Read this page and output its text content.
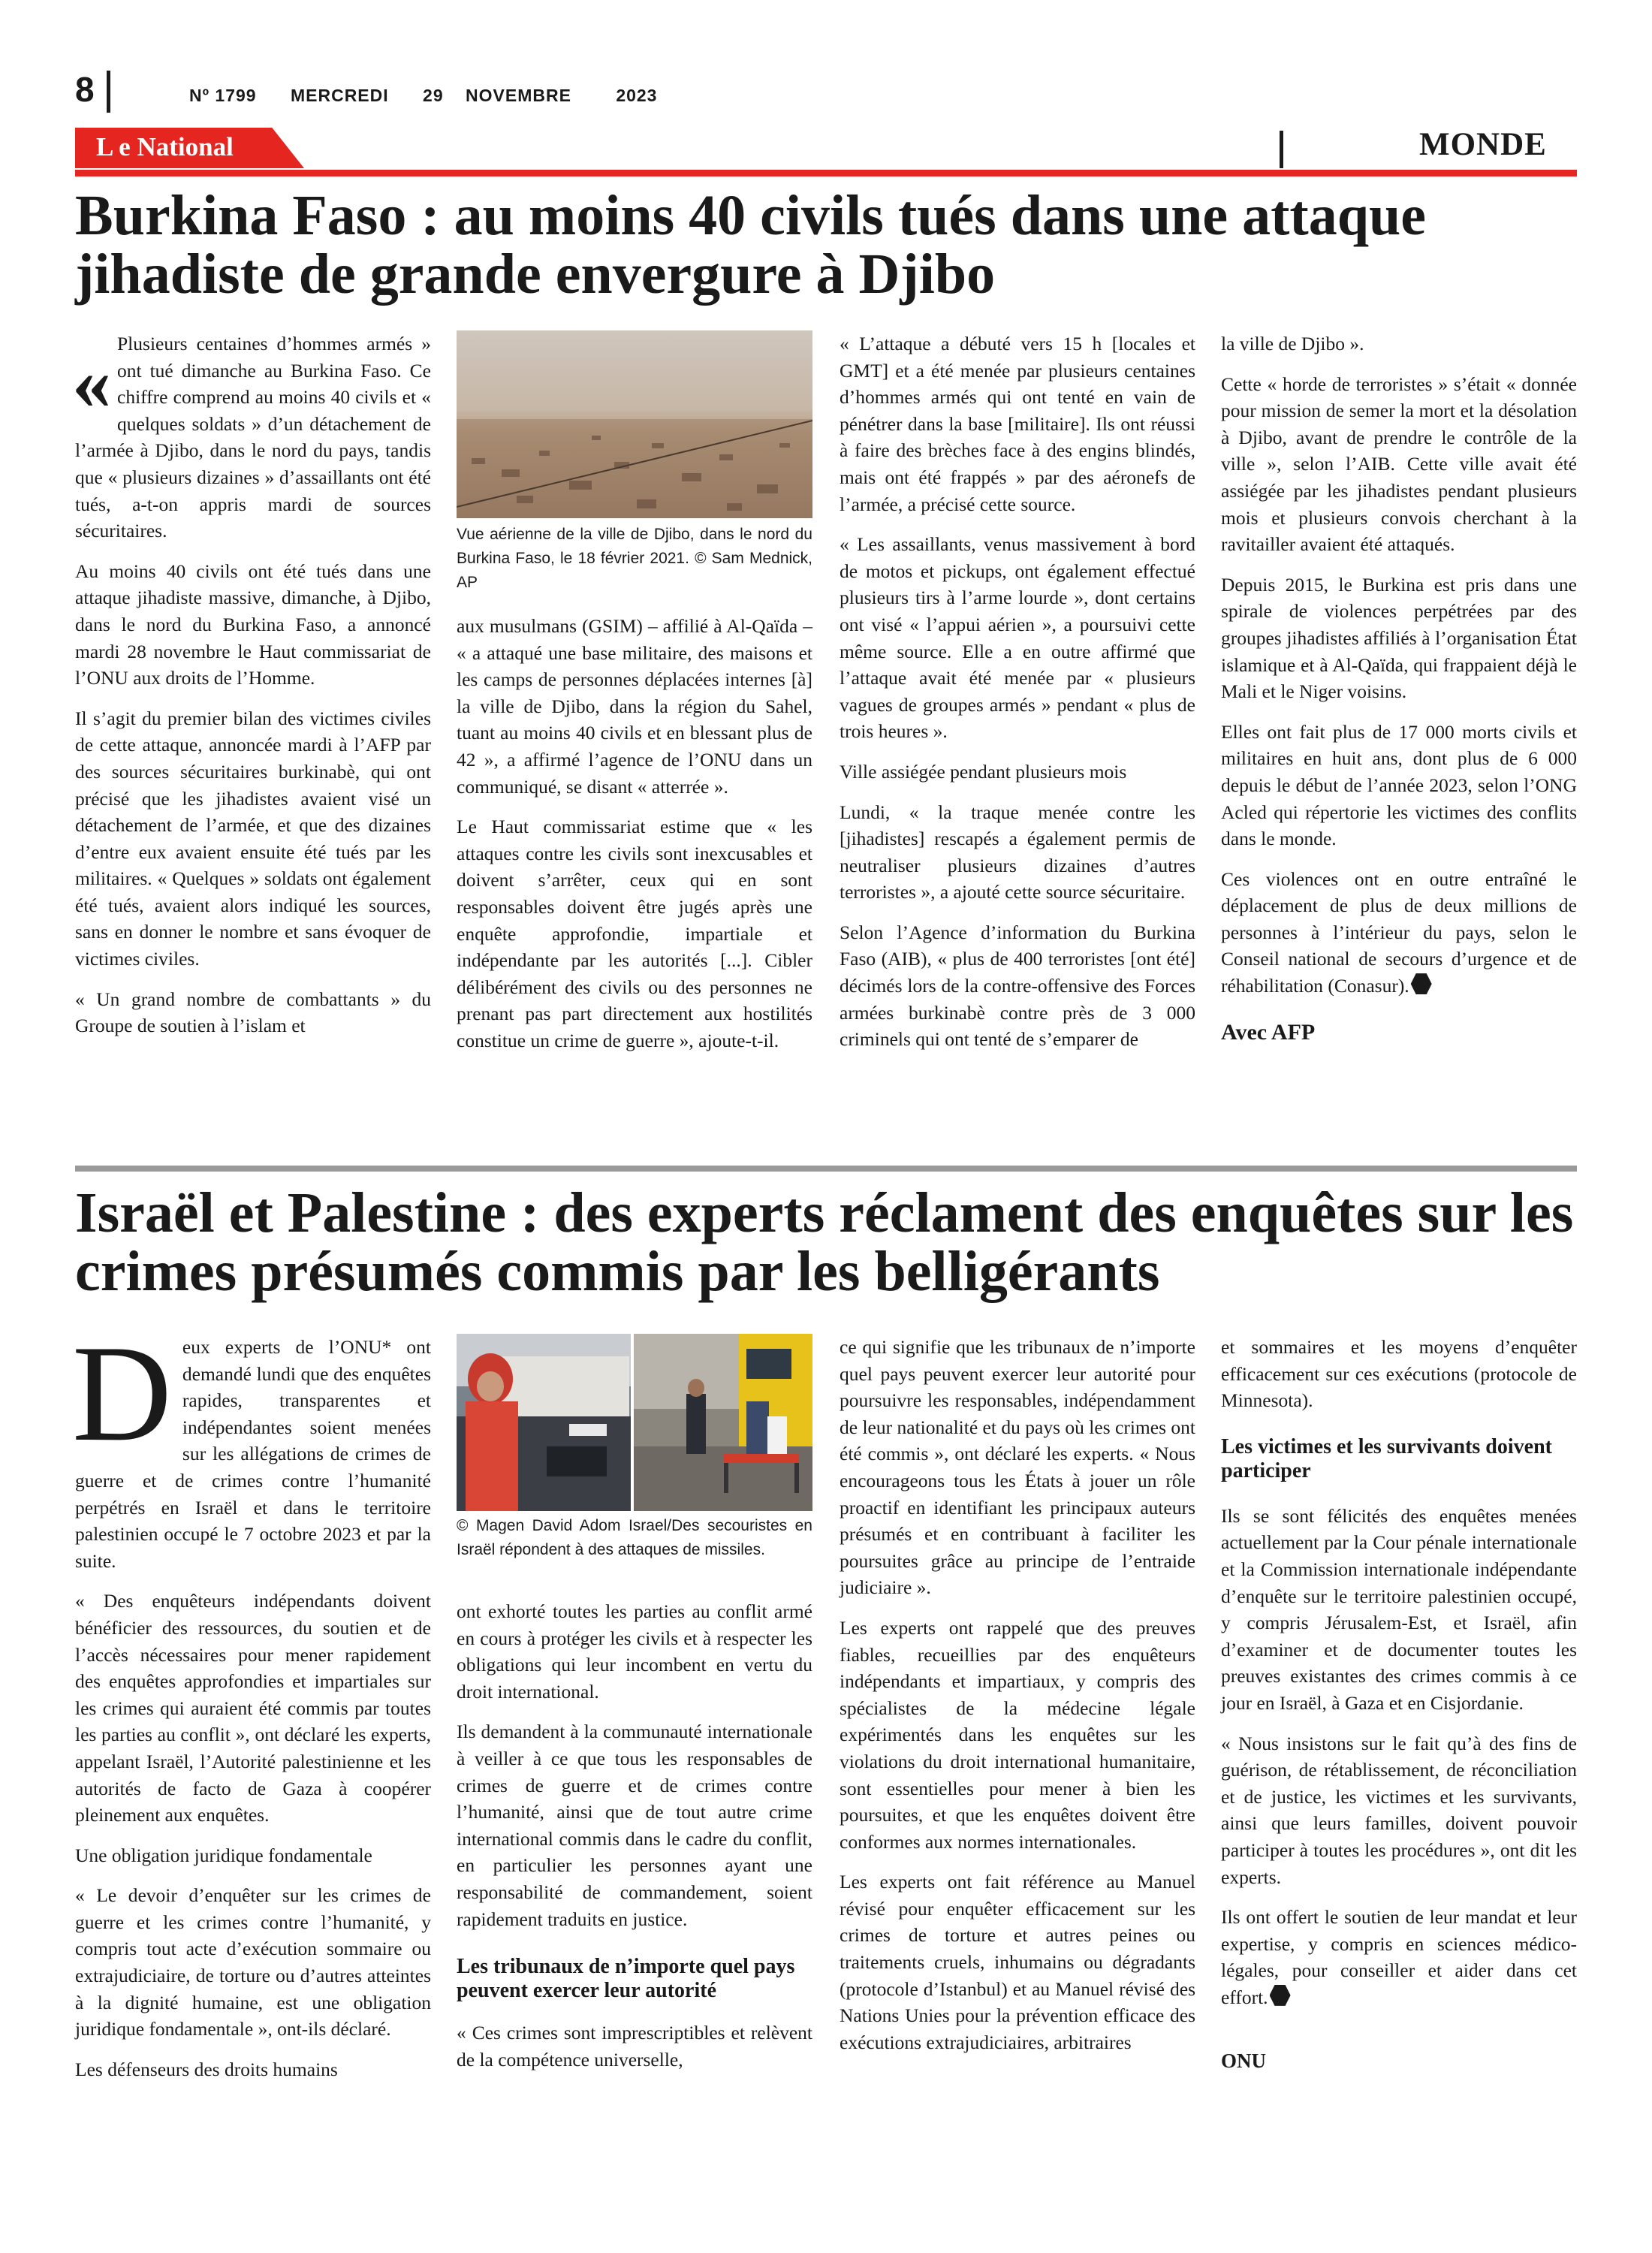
8	Nº 1799 MERCREDI 29 NOVEMBRE	2023
L e National	MONDE
Burkina Faso : au moins 40 civils tués dans une attaque jihadiste de grande envergure à Djibo

« Plusieurs centaines d’hommes armés » ont tué dimanche au Burkina Faso. Ce chiffre comprend au moins 40 civils et « quelques soldats » d’un détachement de l’armée à Djibo, dans le nord du pays, tandis que « plusieurs dizaines » d’assaillants ont été tués, a-t-on appris mardi de sources sécuritaires.

Au moins 40 civils ont été tués dans une attaque jihadiste massive, dimanche, à Djibo, dans le nord du Burkina Faso, a annoncé mardi 28 novembre le Haut commissariat de l’ONU aux droits de l’Homme.

Il s’agit du premier bilan des victimes civiles de cette attaque, annoncée mardi à l’AFP par des sources sécuritaires burkinabè, qui ont précisé que les jihadistes avaient visé un détachement de l’armée, et que des dizaines d’entre eux avaient ensuite été tués par les militaires. « Quelques » soldats ont également été tués, avaient alors indiqué les sources, sans en donner le nombre et sans évoquer de victimes civiles.

« Un grand nombre de combattants » du Groupe de soutien à l’islam et

Vue aérienne de la ville de Djibo, dans le nord du Burkina Faso, le 18 février 2021. © Sam Mednick, AP

aux musulmans (GSIM) – affilié à Al-Qaïda – « a attaqué une base militaire, des maisons et les camps de personnes déplacées internes [à] la ville de Djibo, dans la région du Sahel, tuant au moins 40 civils et en blessant plus de 42 », a affirmé l’agence de l’ONU dans un communiqué, se disant « atterrée ».

Le Haut commissariat estime que « les attaques contre les civils sont inexcusables et doivent s’arrêter, ceux qui en sont responsables doivent être jugés après une enquête approfondie, impartiale et indépendante par les autorités [...]. Cibler délibérément des civils ou des personnes ne prenant pas part directement aux hostilités constitue un crime de guerre », ajoute-t-il.

« L’attaque a débuté vers 15 h [locales et GMT] et a été menée par plusieurs centaines d’hommes armés qui ont tenté en vain de pénétrer dans la base [militaire]. Ils ont réussi à faire des brèches face à des engins blindés, mais ont été frappés » par des aéronefs de l’armée, a précisé cette source.

« Les assaillants, venus massivement à bord de motos et pickups, ont également effectué plusieurs tirs à l’arme lourde », dont certains ont visé « l’appui aérien », a poursuivi cette même source. Elle a en outre affirmé que l’attaque avait été menée par « plusieurs vagues de groupes armés » pendant « plus de trois heures ».

Ville assiégée pendant plusieurs mois

Lundi, « la traque menée contre les [jihadistes] rescapés a également permis de neutraliser plusieurs dizaines d’autres terroristes », a ajouté cette source sécuritaire.

Selon l’Agence d’information du Burkina Faso (AIB), « plus de 400 terroristes [ont été] décimés lors de la contre-offensive des Forces armées burkinabè contre près de 3 000 criminels qui ont tenté de s’emparer de

la ville de Djibo ».

Cette « horde de terroristes » s’était « donnée pour mission de semer la mort et la désolation à Djibo, avant de prendre le contrôle de la ville », selon l’AIB. Cette ville avait été assiégée par les jihadistes pendant plusieurs mois et plusieurs convois cherchant à la ravitailler avaient été attaqués.

Depuis 2015, le Burkina est pris dans une spirale de violences perpétrées par des groupes jihadistes affiliés à l’organisation État islamique et à Al-Qaïda, qui frappaient déjà le Mali et le Niger voisins.

Elles ont fait plus de 17 000 morts civils et militaires en huit ans, dont plus de 6 000 depuis le début de l’année 2023, selon l’ONG Acled qui répertorie les victimes des conflits dans le monde.

Ces violences ont en outre entraîné le déplacement de plus de deux millions de personnes à l’intérieur du pays, selon le Conseil national de secours d’urgence et de réhabilitation (Conasur).

Avec AFP

Israël et Palestine : des experts réclament des enquêtes sur les crimes présumés commis par les belligérants

Deux experts de l’ONU* ont demandé lundi que des enquêtes rapides, transparentes et indépendantes soient menées sur les allégations de crimes de guerre et de crimes contre l’humanité perpétrés en Israël et dans le territoire palestinien occupé le 7 octobre 2023 et par la suite.

« Des enquêteurs indépendants doivent bénéficier des ressources, du soutien et de l’accès nécessaires pour mener rapidement des enquêtes approfondies et impartiales sur les crimes qui auraient été commis par toutes les parties au conflit », ont déclaré les experts, appelant Israël, l’Autorité palestinienne et les autorités de facto de Gaza à coopérer pleinement aux enquêtes.

Une obligation juridique fondamentale

« Le devoir d’enquêter sur les crimes de guerre et les crimes contre l’humanité, y compris tout acte d’exécution sommaire ou extrajudiciaire, de torture ou d’autres atteintes à la dignité humaine, est une obligation juridique fondamentale », ont-ils déclaré.

Les défenseurs des droits humains

© Magen David Adom Israel/Des secouristes en Israël répondent à des attaques de missiles.

ont exhorté toutes les parties au conflit armé en cours à protéger les civils et à respecter les obligations qui leur incombent en vertu du droit international.

Ils demandent à la communauté internationale à veiller à ce que tous les responsables de crimes de guerre et de crimes contre l’humanité, ainsi que de tout autre crime international commis dans le cadre du conflit, en particulier les personnes ayant une responsabilité de commandement, soient rapidement traduits en justice.

Les tribunaux de n’importe quel pays peuvent exercer leur autorité

« Ces crimes sont imprescriptibles et relèvent de la compétence universelle,

ce qui signifie que les tribunaux de n’importe quel pays peuvent exercer leur autorité pour poursuivre les responsables, indépendamment de leur nationalité et du pays où les crimes ont été commis », ont déclaré les experts. « Nous encourageons tous les États à jouer un rôle proactif en identifiant les principaux auteurs présumés et en contribuant à faciliter les poursuites grâce au principe de l’entraide judiciaire ».

Les experts ont rappelé que des preuves fiables, recueillies par des enquêteurs indépendants et impartiaux, y compris des spécialistes de la médecine légale expérimentés dans les enquêtes sur les violations du droit international humanitaire, sont essentielles pour mener à bien les poursuites, et que les enquêtes doivent être conformes aux normes internationales.

Les experts ont fait référence au Manuel révisé pour enquêter efficacement sur les crimes de torture et autres peines ou traitements cruels, inhumains ou dégradants (protocole d’Istanbul) et au Manuel révisé des Nations Unies pour la prévention efficace des exécutions extrajudiciaires, arbitraires

et sommaires et les moyens d’enquêter efficacement sur ces exécutions (protocole de Minnesota).

Les victimes et les survivants doivent participer

Ils se sont félicités des enquêtes menées actuellement par la Cour pénale internationale et la Commission internationale indépendante d’enquête sur le territoire palestinien occupé, y compris Jérusalem-Est, et Israël, afin d’examiner et de documenter toutes les preuves existantes des crimes commis à ce jour en Israël, à Gaza et en Cisjordanie.

« Nous insistons sur le fait qu’à des fins de guérison, de rétablissement, de réconciliation et de justice, les victimes et les survivants, ainsi que leurs familles, doivent pouvoir participer à toutes les procédures », ont dit les experts.

Ils ont offert le soutien de leur mandat et leur expertise, y compris en sciences médico-légales, pour conseiller et aider dans cet effort.

ONU
